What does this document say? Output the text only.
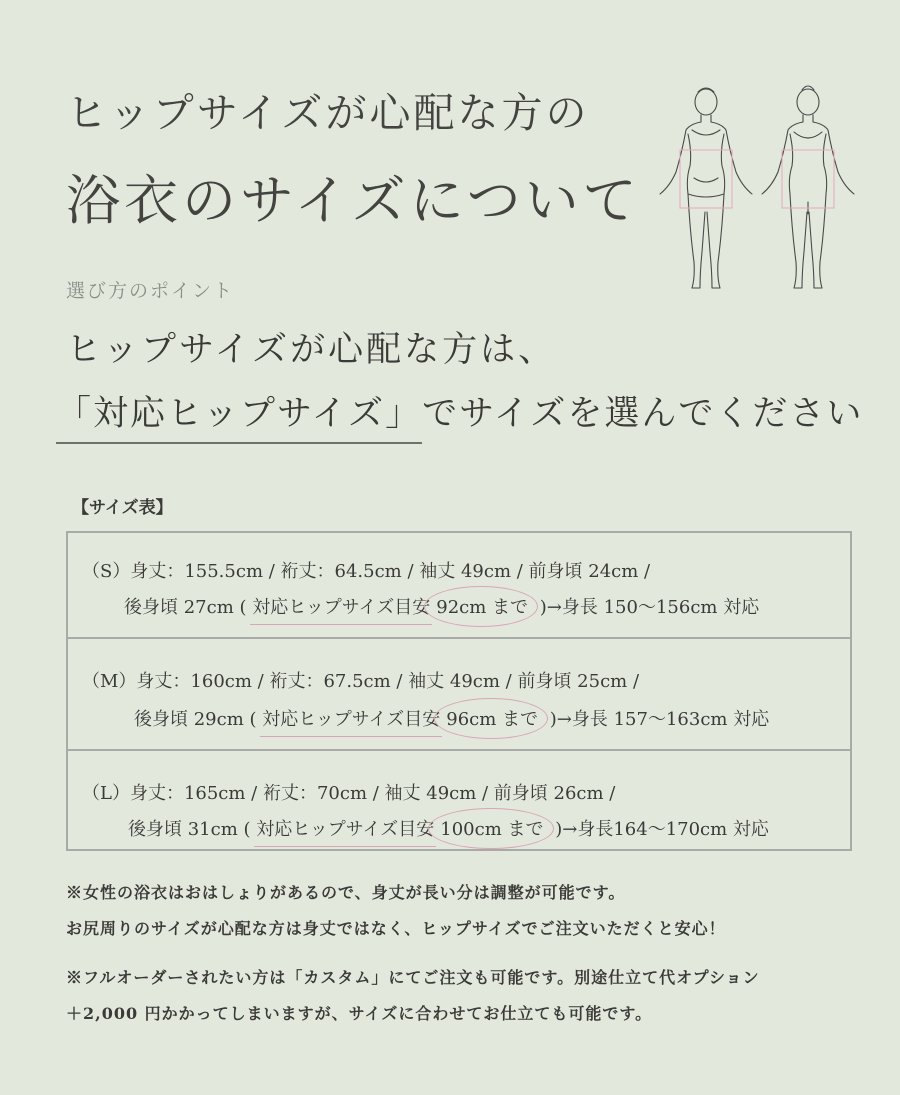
ヒップサイズが心配な方の
浴衣のサイズについて
選び方のポイント
ヒップサイズが心配な方は、
「対応ヒップサイズ」でサイズを選んでください
【サイズ表】
（S）身丈：155.5cm / 裄丈：64.5cm / 袖丈 49cm / 前身頃 24cm /
後身頃 27cm ( 対応ヒップサイズ目安 92cm まで )→身長 150〜156cm 対応
（M）身丈：160cm / 裄丈：67.5cm / 袖丈 49cm / 前身頃 25cm /
後身頃 29cm ( 対応ヒップサイズ目安 96cm まで )→身長 157〜163cm 対応
（L）身丈：165cm / 裄丈：70cm / 袖丈 49cm / 前身頃 26cm /
後身頃 31cm ( 対応ヒップサイズ目安 100cm まで )→身長164〜170cm 対応
※女性の浴衣はおはしょりがあるので、身丈が長い分は調整が可能です。
お尻周りのサイズが心配な方は身丈ではなく、ヒップサイズでご注文いただくと安心！
※フルオーダーされたい方は「カスタム」にてご注文も可能です。別途仕立て代オプション
＋2,000 円かかってしまいますが、サイズに合わせてお仕立ても可能です。
